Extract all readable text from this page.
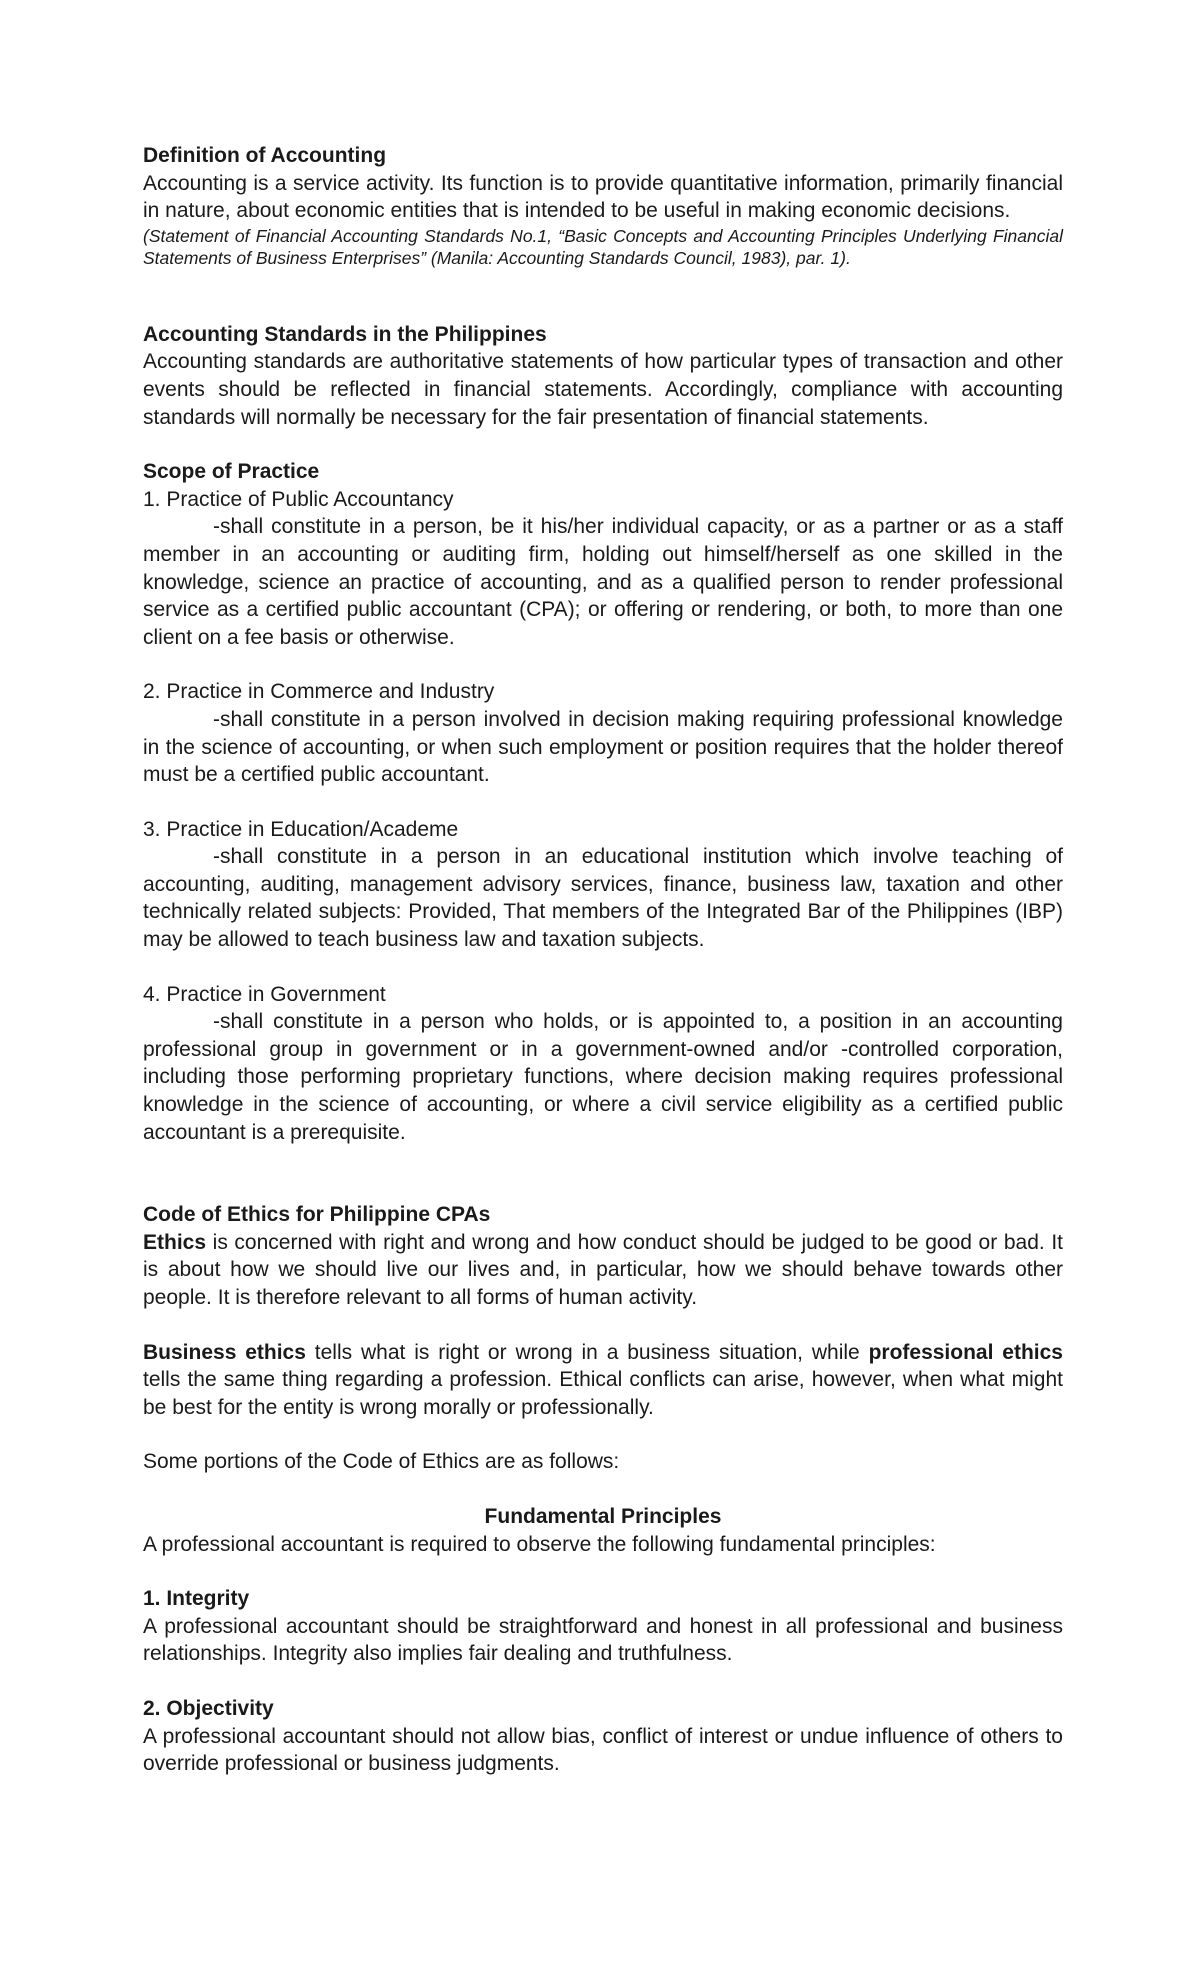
Definition of Accounting

Accounting is a service activity. Its function is to provide quantitative information, primarily financial in nature, about economic entities that is intended to be useful in making economic decisions.

(Statement of Financial Accounting Standards No.1, “Basic Concepts and Accounting Principles Underlying Financial Statements of Business Enterprises” (Manila: Accounting Standards Council, 1983), par. 1).

Accounting Standards in the Philippines

Accounting standards are authoritative statements of how particular types of transaction and other events should be reflected in financial statements. Accordingly, compliance with accounting standards will normally be necessary for the fair presentation of financial statements.

Scope of Practice

1. Practice of Public Accountancy

-shall constitute in a person, be it his/her individual capacity, or as a partner or as a staff member in an accounting or auditing firm, holding out himself/herself as one skilled in the knowledge, science an practice of accounting, and as a qualified person to render professional service as a certified public accountant (CPA); or offering or rendering, or both, to more than one client on a fee basis or otherwise.

2. Practice in Commerce and Industry

-shall constitute in a person involved in decision making requiring professional knowledge in the science of accounting, or when such employment or position requires that the holder thereof must be a certified public accountant.

3. Practice in Education/Academe

-shall constitute in a person in an educational institution which involve teaching of accounting, auditing, management advisory services, finance, business law, taxation and other technically related subjects: Provided, That members of the Integrated Bar of the Philippines (IBP) may be allowed to teach business law and taxation subjects.

4. Practice in Government

-shall constitute in a person who holds, or is appointed to, a position in an accounting professional group in government or in a government-owned and/or -controlled corporation, including those performing proprietary functions, where decision making requires professional knowledge in the science of accounting, or where a civil service eligibility as a certified public accountant is a prerequisite.

Code of Ethics for Philippine CPAs

Ethics is concerned with right and wrong and how conduct should be judged to be good or bad. It is about how we should live our lives and, in particular, how we should behave towards other people. It is therefore relevant to all forms of human activity.

Business ethics tells what is right or wrong in a business situation, while professional ethics tells the same thing regarding a profession. Ethical conflicts can arise, however, when what might be best for the entity is wrong morally or professionally.

Some portions of the Code of Ethics are as follows:

Fundamental Principles

A professional accountant is required to observe the following fundamental principles:

1. Integrity

A professional accountant should be straightforward and honest in all professional and business relationships. Integrity also implies fair dealing and truthfulness.

2. Objectivity

A professional accountant should not allow bias, conflict of interest or undue influence of others to override professional or business judgments.
